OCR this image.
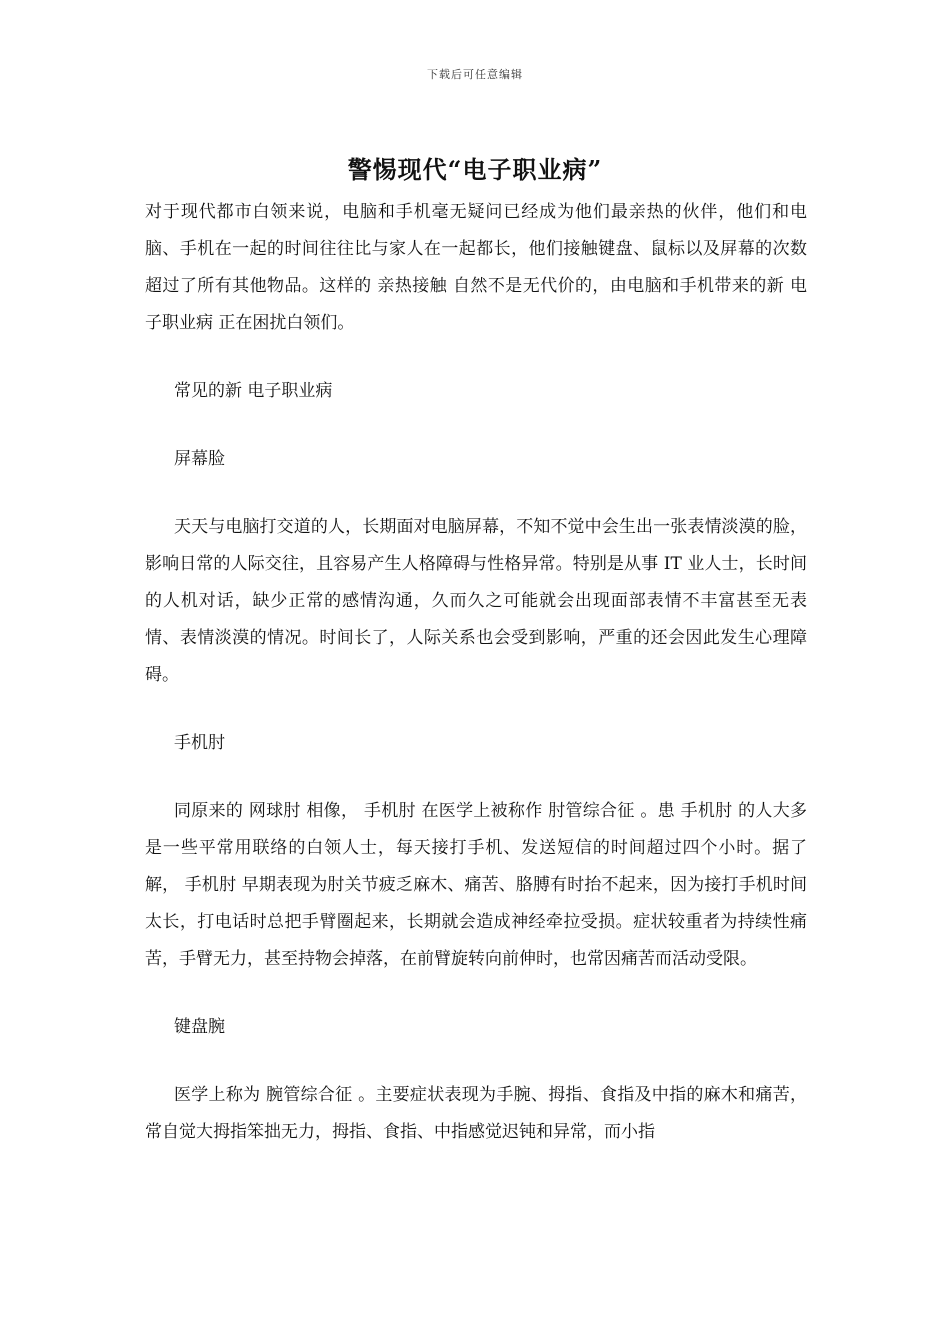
下载后可任意编辑
警惕现代“电子职业病”

对于现代都市白领来说，电脑和手机毫无疑问已经成为他们最亲热的伙伴，他们和电脑、手机在一起的时间往往比与家人在一起都长，他们接触键盘、鼠标以及屏幕的次数超过了所有其他物品。这样的 亲热接触 自然不是无代价的，由电脑和手机带来的新 电子职业病 正在困扰白领们。

常见的新 电子职业病

屏幕脸

天天与电脑打交道的人，长期面对电脑屏幕，不知不觉中会生出一张表情淡漠的脸，影响日常的人际交往，且容易产生人格障碍与性格异常。特别是从事 IT 业人士，长时间的人机对话，缺少正常的感情沟通，久而久之可能就会出现面部表情不丰富甚至无表情、表情淡漠的情况。时间长了，人际关系也会受到影响，严重的还会因此发生心理障碍。

手机肘

同原来的 网球肘 相像， 手机肘 在医学上被称作 肘管综合征 。患 手机肘 的人大多是一些平常用联络的白领人士，每天接打手机、发送短信的时间超过四个小时。据了解， 手机肘 早期表现为肘关节疲乏麻木、痛苦、胳膊有时抬不起来，因为接打手机时间太长，打电话时总把手臂圈起来，长期就会造成神经牵拉受损。症状较重者为持续性痛苦，手臂无力，甚至持物会掉落，在前臂旋转向前伸时，也常因痛苦而活动受限。

键盘腕

医学上称为 腕管综合征 。主要症状表现为手腕、拇指、食指及中指的麻木和痛苦，常自觉大拇指笨拙无力，拇指、食指、中指感觉迟钝和异常，而小指
